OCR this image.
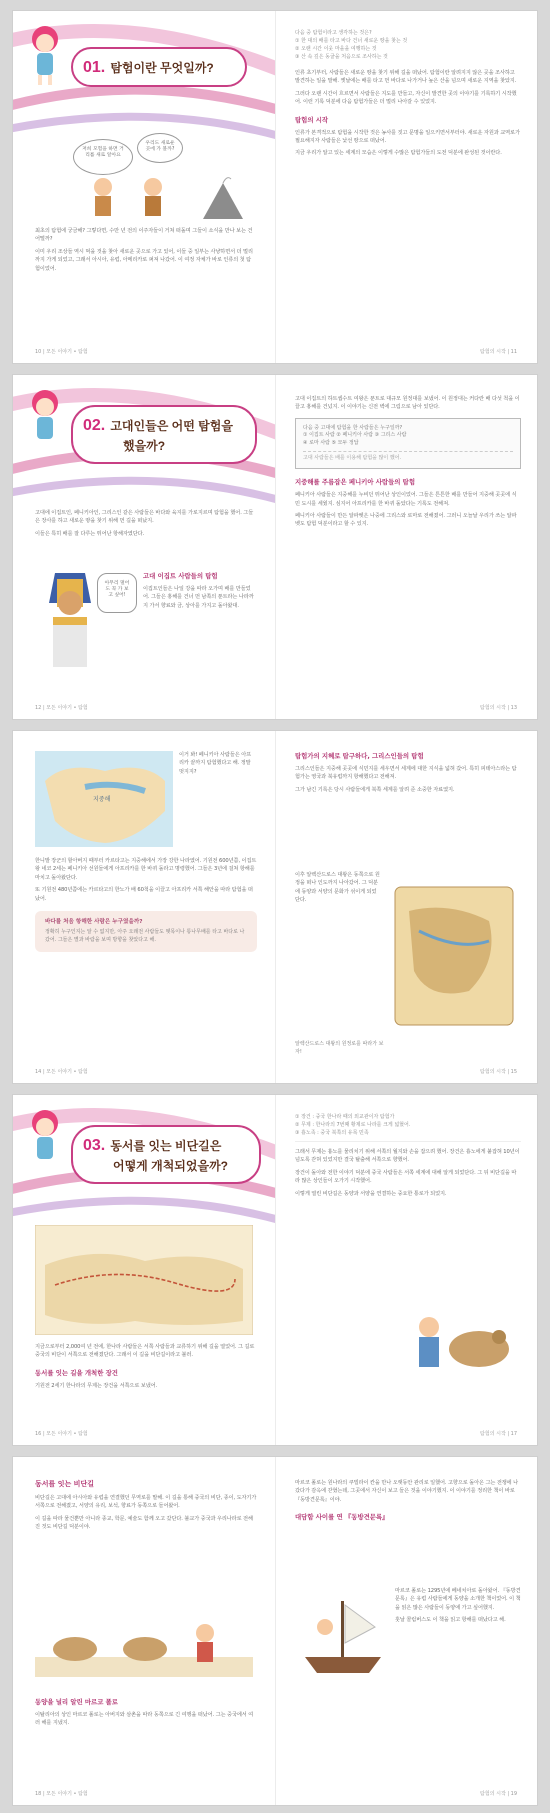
01. 탐험이란 무엇일까?
저희 모험을 하면 거리를 새로 알아요
우리도 새로운 곳에 가 볼까?

최초의 탐험에 궁금해? 그렇다면, 수만 년 전의 이주자들이 거쳐 떠돌며 그들이 소식을 만나 보는 건 어떨까?

이미 우리 조상들 역시 먹을 것을 찾아 새로운 곳으로 가고 있어, 이들 중 일부는 사냥하면서 더 멀리까지 가게 되었고, 그래서 아시아, 유럽, 아메리카로 퍼져 나갔어. 이 여정 자체가 바로 인류의 첫 탐험이었어.

10 | 모든 이야기 • 탐험

다음 중 탐험이라고 생각하는 것은?

① 한 대의 배를 타고 바다 건너 새로운 땅을 찾는 것

② 오랜 시간 이웃 마을을 여행하는 것

③ 산 속 깊은 동굴을 처음으로 조사하는 것

인류 초기부터, 사람들은 새로운 땅을 찾기 위해 길을 떠났어. 탐험이란 알려지지 않은 곳을 조사하고 발견하는 일을 말해. 옛날에는 배를 타고 먼 바다로 나가거나 높은 산을 넘으며 새로운 지역을 찾았지.

그러다 오랜 시간이 흐르면서 사람들은 지도를 만들고, 자신이 발견한 곳의 이야기를 기록하기 시작했어. 이런 기록 덕분에 다음 탐험가들은 더 멀리 나아갈 수 있었지.

탐험의 시작

인류가 본격적으로 탐험을 시작한 것은 농사를 짓고 문명을 일으키면서부터야. 새로운 자원과 교역로가 필요해지자 사람들은 낯선 땅으로 떠났어.

지금 우리가 알고 있는 세계의 모습은 이렇게 수많은 탐험가들의 도전 덕분에 완성된 것이란다.

탐험의 시작 | 11
02. 고대인들은 어떤 탐험을
했을까?

고대에 이집트인, 페니키아인, 그리스인 같은 사람들은 바다와 육지를 가로지르며 탐험을 했어. 그들은 장사를 하고 새로운 땅을 찾기 위해 먼 길을 떠났지.

이들은 특히 배를 잘 다루는 뛰어난 항해자였단다.

아무리 멀어도 꼭 가 보고 싶어!
고대 이집트 사람들의 탐험

이집트인들은 나일 강을 따라 오가며 배를 만들었어. 그들은 홍해를 건너 먼 남쪽의 푼트라는 나라까지 가서 향료와 금, 상아를 가지고 돌아왔대.

12 | 모든 이야기 • 탐험

고대 이집트의 하트셉수트 여왕은 푼트로 대규모 원정대를 보냈어. 이 원정대는 커다란 배 다섯 척을 이끌고 홍해를 건넜지. 이 이야기는 신전 벽에 그림으로 남아 있단다.

다음 중 고대에 탐험을 한 사람들은 누구일까?
① 이집트 사람 ② 페니키아 사람 ③ 그리스 사람
④ 로마 사람 ⑤ 모두 정답
고대 사람들은 배를 이용해 탐험을 많이 했어.
지중해를 주름잡은 페니키아 사람들의 탐험

페니키아 사람들은 지중해를 누비던 뛰어난 상인이었어. 그들은 튼튼한 배를 만들어 지중해 곳곳에 식민 도시를 세웠지. 심지어 아프리카를 한 바퀴 돌았다는 기록도 전해져.

페니키아 사람들이 만든 알파벳은 나중에 그리스와 로마로 전해졌어. 그러니 오늘날 우리가 쓰는 알파벳도 탐험 덕분이라고 할 수 있지.

탐험의 시작 | 13
지중해

이거 봐! 페니키아 사람들은 아프리카 끝까지 탐험했다고 해. 정말 멋지지?

한니발 장군의 할아버지 때부터 카르타고는 지중해에서 가장 강한 나라였어. 기원전 600년쯤, 이집트 왕 네코 2세는 페니키아 선원들에게 아프리카를 한 바퀴 돌라고 명령했어. 그들은 3년에 걸쳐 항해를 마치고 돌아왔단다.

또 기원전 480년쯤에는 카르타고의 한노가 배 60척을 이끌고 아프리카 서쪽 해안을 따라 탐험을 떠났어.

바다를 처음 항해한 사람은 누구였을까?
정확히 누구인지는 알 수 없지만, 아주 오래전 사람들도 뗏목이나 통나무배를 타고 바다로 나갔어. 그들은 별과 바람을 보며 방향을 찾았다고 해.
14 | 모든 이야기 • 탐험
탐험가의 지혜로 탐구하다, 그리스인들의 탐험

그리스인들은 지중해 곳곳에 식민지를 세우면서 세계에 대한 지식을 넓혀 갔어. 특히 피테아스라는 탐험가는 영국과 북유럽까지 항해했다고 전해져.

그가 남긴 기록은 당시 사람들에게 북쪽 세계를 알려 준 소중한 자료였지.

이후 알렉산드로스 대왕은 동쪽으로 원정을 떠나 인도까지 나아갔어. 그 덕분에 동양과 서양의 문화가 섞이게 되었단다.

알렉산드로스 대왕의 원정로를 따라가 보자!
탐험의 시작 | 15
03. 동서를 잇는 비단길은
어떻게 개척되었을까?

지금으로부터 2,000여 년 전에, 한나라 사람들은 서쪽 사람들과 교류하기 위해 길을 열었어. 그 길로 중국의 비단이 서쪽으로 전해졌단다. 그래서 이 길을 비단길이라고 불러.

동서를 잇는 길을 개척한 장건

기원전 2세기 한나라의 무제는 장건을 서쪽으로 보냈어.

16 | 모든 이야기 • 탐험
① 장건 : 중국 한나라 때의 외교관이자 탐험가
② 무제 : 한나라의 7번째 황제로 나라를 크게 넓혔어.
③ 흉노족 : 중국 북쪽의 유목 민족

그래서 무제는 흉노를 물리치기 위해 서쪽의 월지와 손을 잡으려 했어. 장건은 흉노에게 붙잡혀 10년이 넘도록 갇혀 있었지만 결국 탈출해 서쪽으로 향했어.

장건이 돌아와 전한 이야기 덕분에 중국 사람들은 서쪽 세계에 대해 알게 되었단다. 그 뒤 비단길을 따라 많은 상인들이 오가기 시작했어.

이렇게 열린 비단길은 동양과 서양을 연결하는 중요한 통로가 되었지.

탐험의 시작 | 17
동서를 잇는 비단길

비단길은 고대에 아시아와 유럽을 연결했던 무역로를 말해. 이 길을 통해 중국의 비단, 종이, 도자기가 서쪽으로 전해졌고, 서양의 유리, 보석, 향료가 동쪽으로 들어왔어.

이 길을 따라 물건뿐만 아니라 종교, 학문, 예술도 함께 오고 갔단다. 불교가 중국과 우리나라로 전해진 것도 비단길 덕분이야.

동양을 널리 알린 마르코 폴로

이탈리아의 상인 마르코 폴로는 아버지와 삼촌을 따라 동쪽으로 긴 여행을 떠났어. 그는 중국에서 여러 해를 지냈지.

18 | 모든 이야기 • 탐험

마르코 폴로는 원나라의 쿠빌라이 칸을 만나 오랫동안 관리로 일했어. 고향으로 돌아온 그는 전쟁에 나갔다가 감옥에 갇혔는데, 그곳에서 자신이 보고 들은 것을 이야기했지. 이 이야기를 정리한 책이 바로 『동방견문록』이야.

대담함 사이를 연 『동방견문록』

마르코 폴로는 1295년에 베네치아로 돌아왔어. 『동방견문록』은 유럽 사람들에게 동양을 소개한 책이었어. 이 책을 읽은 많은 사람들이 동양에 가고 싶어했지.

훗날 콜럼버스도 이 책을 읽고 항해를 떠났다고 해.

탐험의 시작 | 19
